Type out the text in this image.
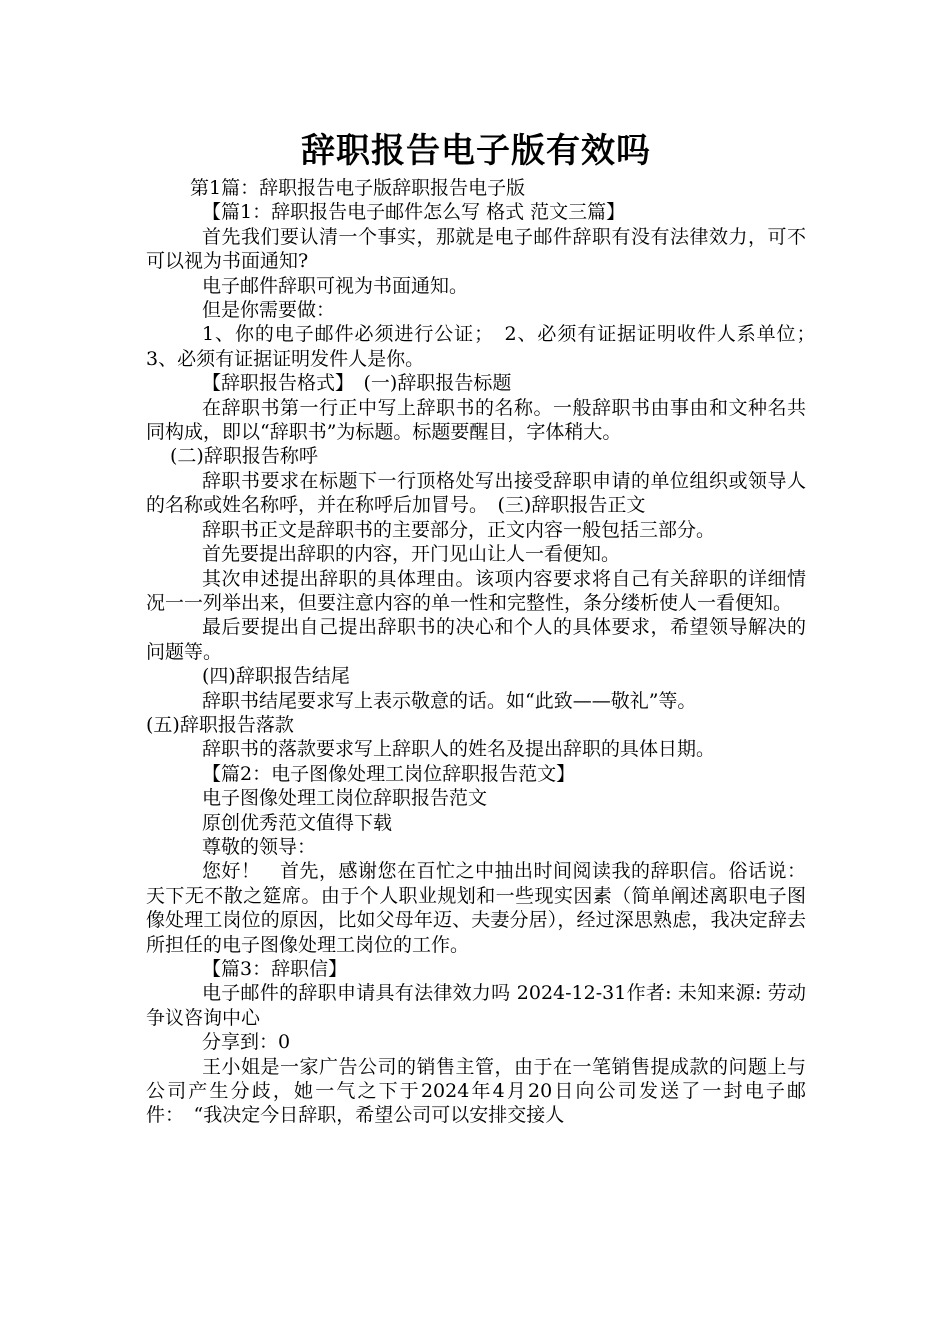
辞职报告电子版有效吗

第1篇：辞职报告电子版辞职报告电子版

【篇1：辞职报告电子邮件怎么写 格式 范文三篇】

首先我们要认清一个事实，那就是电子邮件辞职有没有法律效力，可不可以视为书面通知?

电子邮件辞职可视为书面通知。

但是你需要做：

1、你的电子邮件必须进行公证；　2、必须有证据证明收件人系单位；　3、必须有证据证明发件人是你。

【辞职报告格式】　(一)辞职报告标题

在辞职书第一行正中写上辞职书的名称。一般辞职书由事由和文种名共同构成，即以“辞职书”为标题。标题要醒目，字体稍大。

(二)辞职报告称呼

辞职书要求在标题下一行顶格处写出接受辞职申请的单位组织或领导人的名称或姓名称呼，并在称呼后加冒号。　(三)辞职报告正文

辞职书正文是辞职书的主要部分，正文内容一般包括三部分。

首先要提出辞职的内容，开门见山让人一看便知。

其次申述提出辞职的具体理由。该项内容要求将自己有关辞职的详细情况一一列举出来，但要注意内容的单一性和完整性，条分缕析使人一看便知。

最后要提出自己提出辞职书的决心和个人的具体要求，希望领导解决的问题等。

(四)辞职报告结尾

辞职书结尾要求写上表示敬意的话。如“此致——敬礼”等。

(五)辞职报告落款

辞职书的落款要求写上辞职人的姓名及提出辞职的具体日期。

【篇2：电子图像处理工岗位辞职报告范文】

电子图像处理工岗位辞职报告范文

原创优秀范文值得下载

尊敬的领导：

您好！　首先，感谢您在百忙之中抽出时间阅读我的辞职信。俗话说：天下无不散之筵席。由于个人职业规划和一些现实因素（简单阐述离职电子图像处理工岗位的原因，比如父母年迈、夫妻分居），经过深思熟虑，我决定辞去所担任的电子图像处理工岗位的工作。

【篇3：辞职信】

电子邮件的辞职申请具有法律效力吗 2024-12-31作者: 未知来源: 劳动争议咨询中心

分享到：0

王小姐是一家广告公司的销售主管，由于在一笔销售提成款的问题上与公司产生分歧，她一气之下于2024年4月20日向公司发送了一封电子邮件：　“我决定今日辞职，希望公司可以安排交接人
